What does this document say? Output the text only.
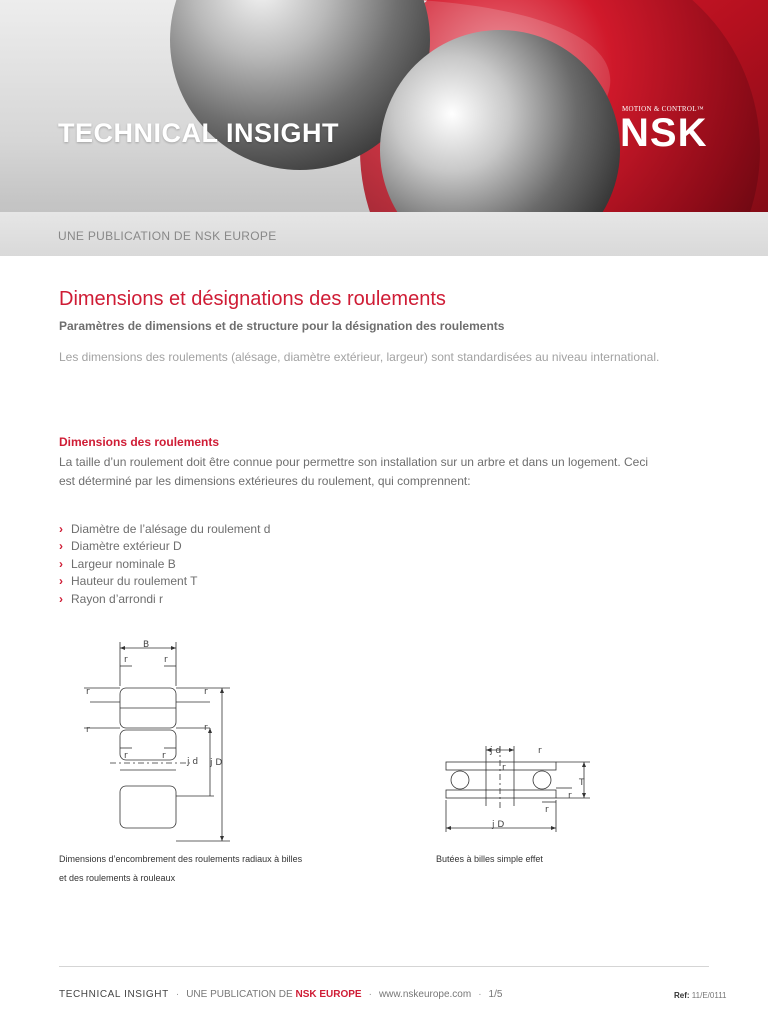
TECHNICAL INSIGHT
UNE PUBLICATION DE NSK EUROPE
MOTION & CONTROL™
NSK
Dimensions et désignations des roulements
Paramètres de dimensions et de structure pour la désignation des roulements
Les dimensions des roulements (alésage, diamètre extérieur, largeur) sont standardisées au niveau international.
Dimensions des roulements
La taille d’un roulement doit être connue pour permettre son installation sur un arbre et dans un logement. Ceci est déterminé par les dimensions extérieures du roulement, qui comprennent:
› Diamètre de l’alésage du roulement d
› Diamètre extérieur D
› Largeur nominale B
› Hauteur du roulement T
› Rayon d’arrondi r
B
r	r
r	r
r	r
r	r
j d j D
j d	r
r
T
r
r
j D
Dimensions d’encombrement des roulements radiaux à billes
et des roulements à rouleaux
Butées à billes simple effet
TECHNICAL INSIGHT · UNE PUBLICATION DE NSK EUROPE · www.nskeurope.com · 1/5	Ref: 11/E/0111
